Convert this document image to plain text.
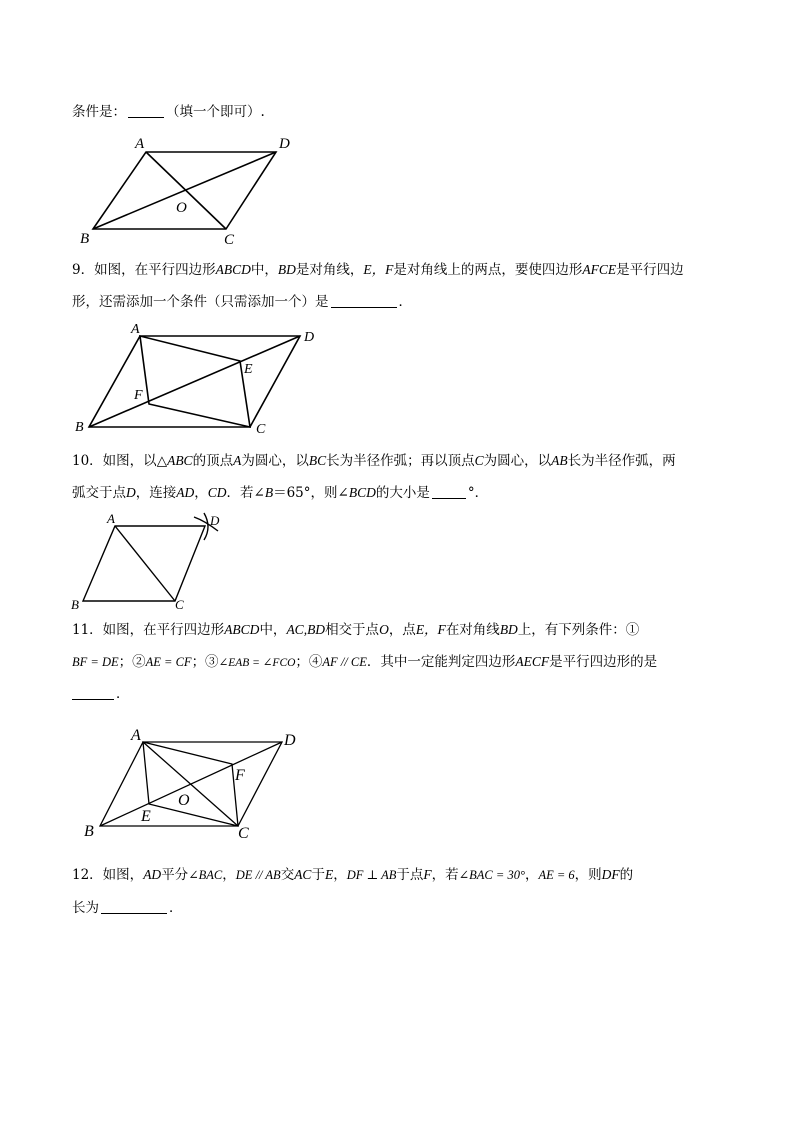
条件是：	（填一个即可）.
A	D
O
B	C
9．如图，在平行四边形ABCD中，BD是对角线，E，F是对角线上的两点，要使四边形AFCE是平行四边
形，还需添加一个条件（只需添加一个）是	．
A
D
E
F
B	C
10．如图，以△ABC的顶点A为圆心，以BC长为半径作弧；再以顶点C为圆心，以AB长为半径作弧，两
弧交于点D，连接AD，CD．若∠B＝65°，则∠BCD的大小是	°．
A	D
B	C
11．如图，在平行四边形ABCD中，AC,BD相交于点O，点E，F在对角线BD上，有下列条件：①
BF = DE；②AE = CF；③∠EAB = ∠FCO；④AF // CE．其中一定能判定四边形AECF是平行四边形的是
．
A	D
F
O
E
B	C
12．如图，AD平分∠BAC，DE // AB交AC于E，DF ⊥ AB于点F，若∠BAC = 30°，AE = 6，则DF的
长为	．
